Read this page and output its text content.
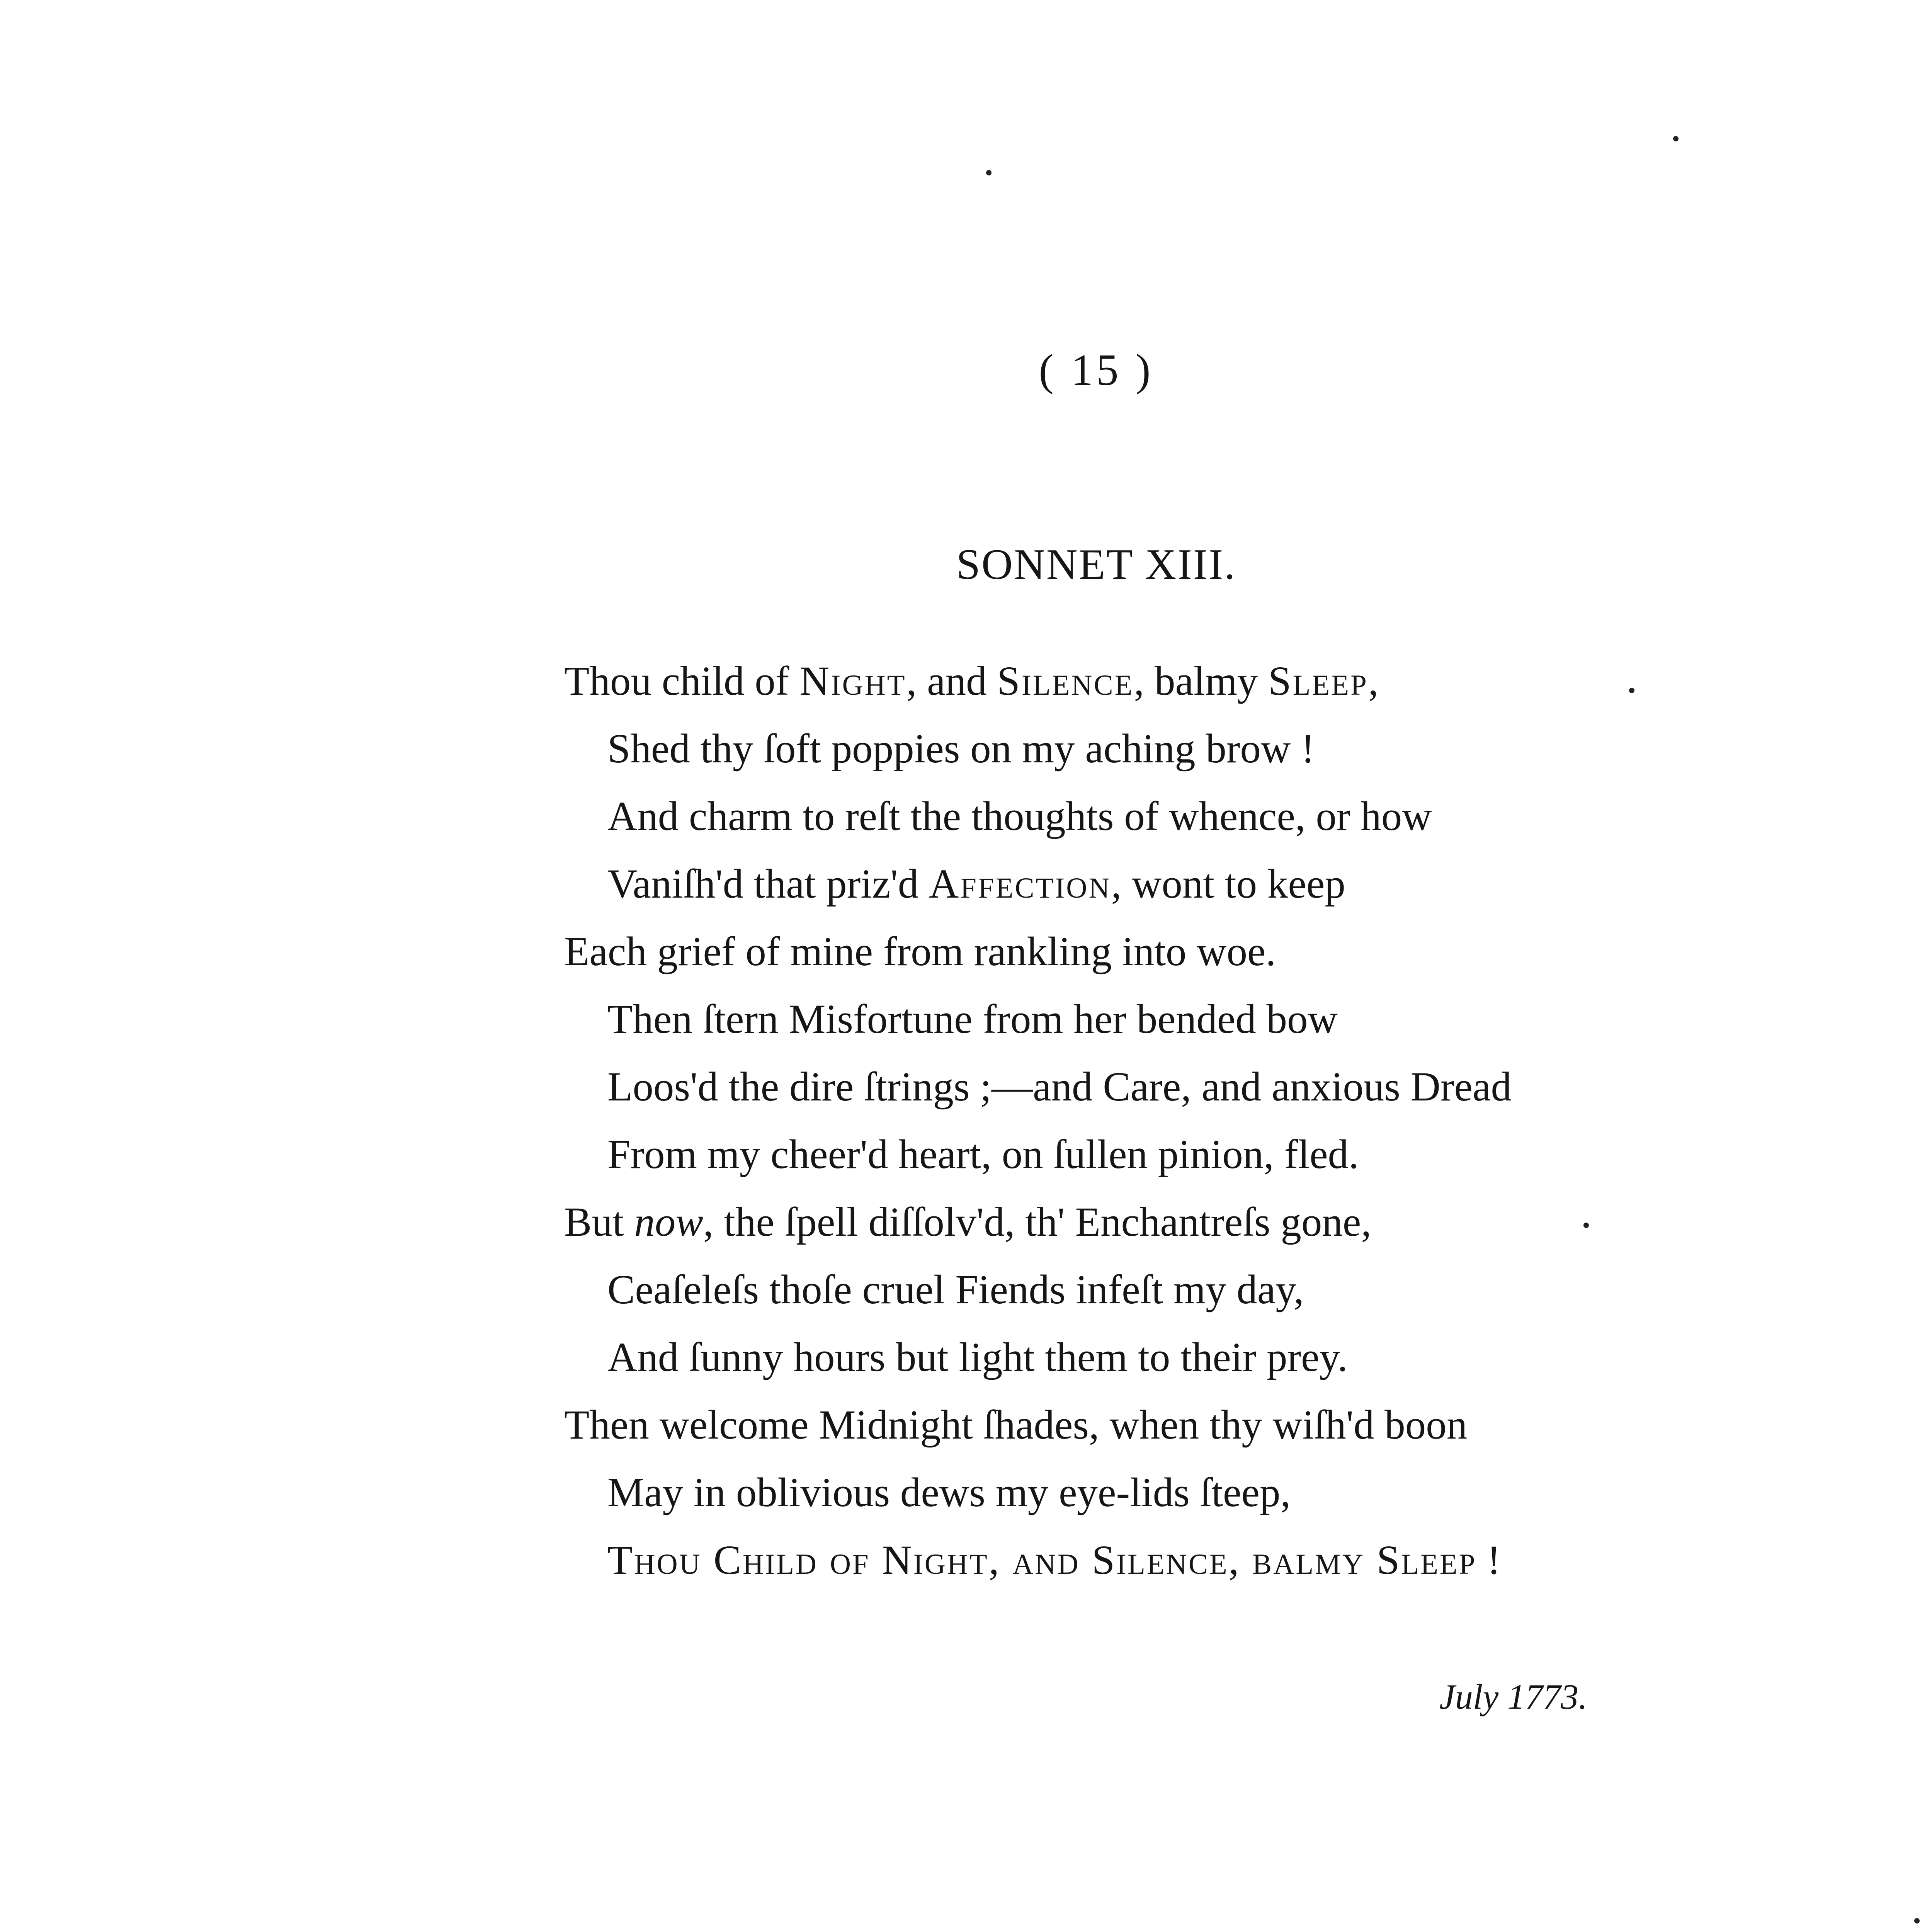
( 15 )
SONNET XIII.
Thou child of Night, and Silence, balmy Sleep,
Shed thy ſoft poppies on my aching brow !
And charm to reſt the thoughts of whence, or how
Vaniſh'd that priz'd Affection, wont to keep
Each grief of mine from rankling into woe.
Then ſtern Misfortune from her bended bow
Loos'd the dire ſtrings ;—and Care, and anxious Dread
From my cheer'd heart, on ſullen pinion, fled.
But now, the ſpell diſſolv'd, th' Enchantreſs gone,
Ceaſeleſs thoſe cruel Fiends infeſt my day,
And ſunny hours but light them to their prey.
Then welcome Midnight ſhades, when thy wiſh'd boon
May in oblivious dews my eye-lids ſteep,
Thou Child of Night, and Silence, balmy Sleep !
July 1773.
